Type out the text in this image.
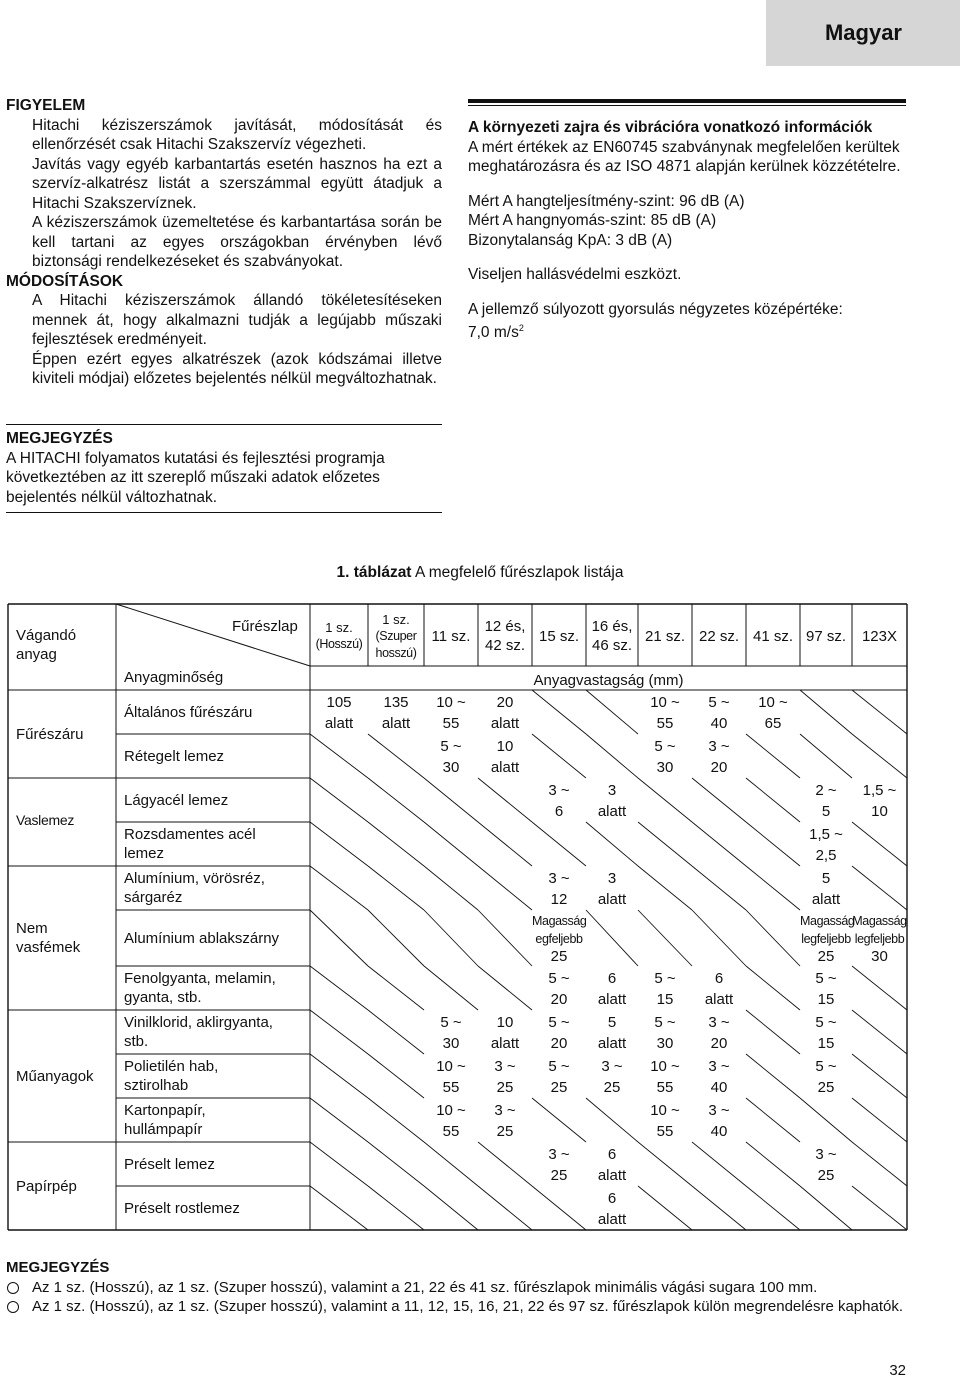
Magyar
FIGYELEM

Hitachi kéziszerszámok javítását, módosítását és ellenőrzését csak Hitachi Szakszervíz végezheti.

Javítás vagy egyéb karbantartás esetén hasznos ha ezt a szervíz-alkatrész listát a szerszámmal együtt átadjuk a Hitachi Szakszervíznek.

A kéziszerszámok üzemeltetése és karbantartása során be kell tartani az egyes országokban érvényben lévő biztonsági rendelkezéseket és szabványokat.

MÓDOSÍTÁSOK

A Hitachi kéziszerszámok állandó tökéletesítéseken mennek át, hogy alkalmazni tudják a legújabb műszaki fejlesztések eredményeit.

Éppen ezért egyes alkatrészek (azok kódszámai illetve kiviteli módjai) előzetes bejelentés nélkül megváltozhatnak.

MEGJEGYZÉS
A HITACHI folyamatos kutatási és fejlesztési programja következtében az itt szereplő műszaki adatok előzetes bejelentés nélkül változhatnak.

A környezeti zajra és vibrációra vonatkozó információk

A mért értékek az EN60745 szabványnak megfelelően kerültek meghatározásra és az ISO 4871 alapján kerülnek közzétételre.

Mért A hangteljesítmény-szint: 96 dB (A)

Mért A hangnyomás-szint: 85 dB (A)

Bizonytalanság KpA: 3 dB (A)

Viseljen hallásvédelmi eszközt.

A jellemző súlyozott gyorsulás négyzetes középértéke:

7,0 $m/s^2$

1. táblázat A megfelelő fűrészlapok listája
Fűrészlap
Vágandó
anyag
Anyagminőség	Anyagvastagság (mm)
1 sz.
(Hosszú)
1 sz.
(Szuper
hosszú)
11 sz.
12 és,
42 sz.
15 sz.
16 és,
46 sz.
21 sz. 22 sz. 41 sz. 97 sz.	123X
Fűrészáru
Vaslemez
Nem
vasfémek
Műanyagok
Papírpép
Általános fűrészáru
Rétegelt lemez
Lágyacél lemez
Rozsdamentes acél
lemez
Alumínium, vörösréz,
sárgaréz
Alumínium ablakszárny
Fenolgyanta, melamin,
gyanta, stb.
Vinilklorid, aklirgyanta,
stb.
Polietilén hab,
sztirolhab
Kartonpapír,
hullámpapír
Préselt lemez
Préselt rostlemez
105
alatt
135
alatt
10 ~
55
20
alatt
10 ~
55
5 ~
40
10 ~
65
5 ~
30
10
alatt
5 ~
30
3 ~
20
3 ~
6
3
alatt
2 ~
5
1,5 ~
10
1,5 ~
2,5
3 ~
12
3
alatt
5
alatt
Magasság
egfeljebb
25
Magasság
legfeljebb
25
Magasság
legfeljebb
30
5 ~
20
6
alatt
5 ~
15
6
alatt
5 ~
15
5 ~
30
10
alatt
5 ~
20
5
alatt
5 ~
30
3 ~
20
5 ~
15
10 ~
55
3 ~
25
5 ~
25
3 ~
25
10 ~
55
3 ~
40
5 ~
25
10 ~
55
3 ~
25
10 ~
55
3 ~
40
3 ~
25
6
alatt
3 ~
25
6
alatt
MEGJEGYZÉS
Az 1 sz. (Hosszú), az 1 sz. (Szuper hosszú), valamint a 21, 22 és 41 sz. fűrészlapok minimális vágási sugara 100 mm.
Az 1 sz. (Hosszú), az 1 sz. (Szuper hosszú), valamint a 11, 12, 15, 16, 21, 22 és 97 sz. fűrészlapok külön megrendelésre kaphatók.
32
